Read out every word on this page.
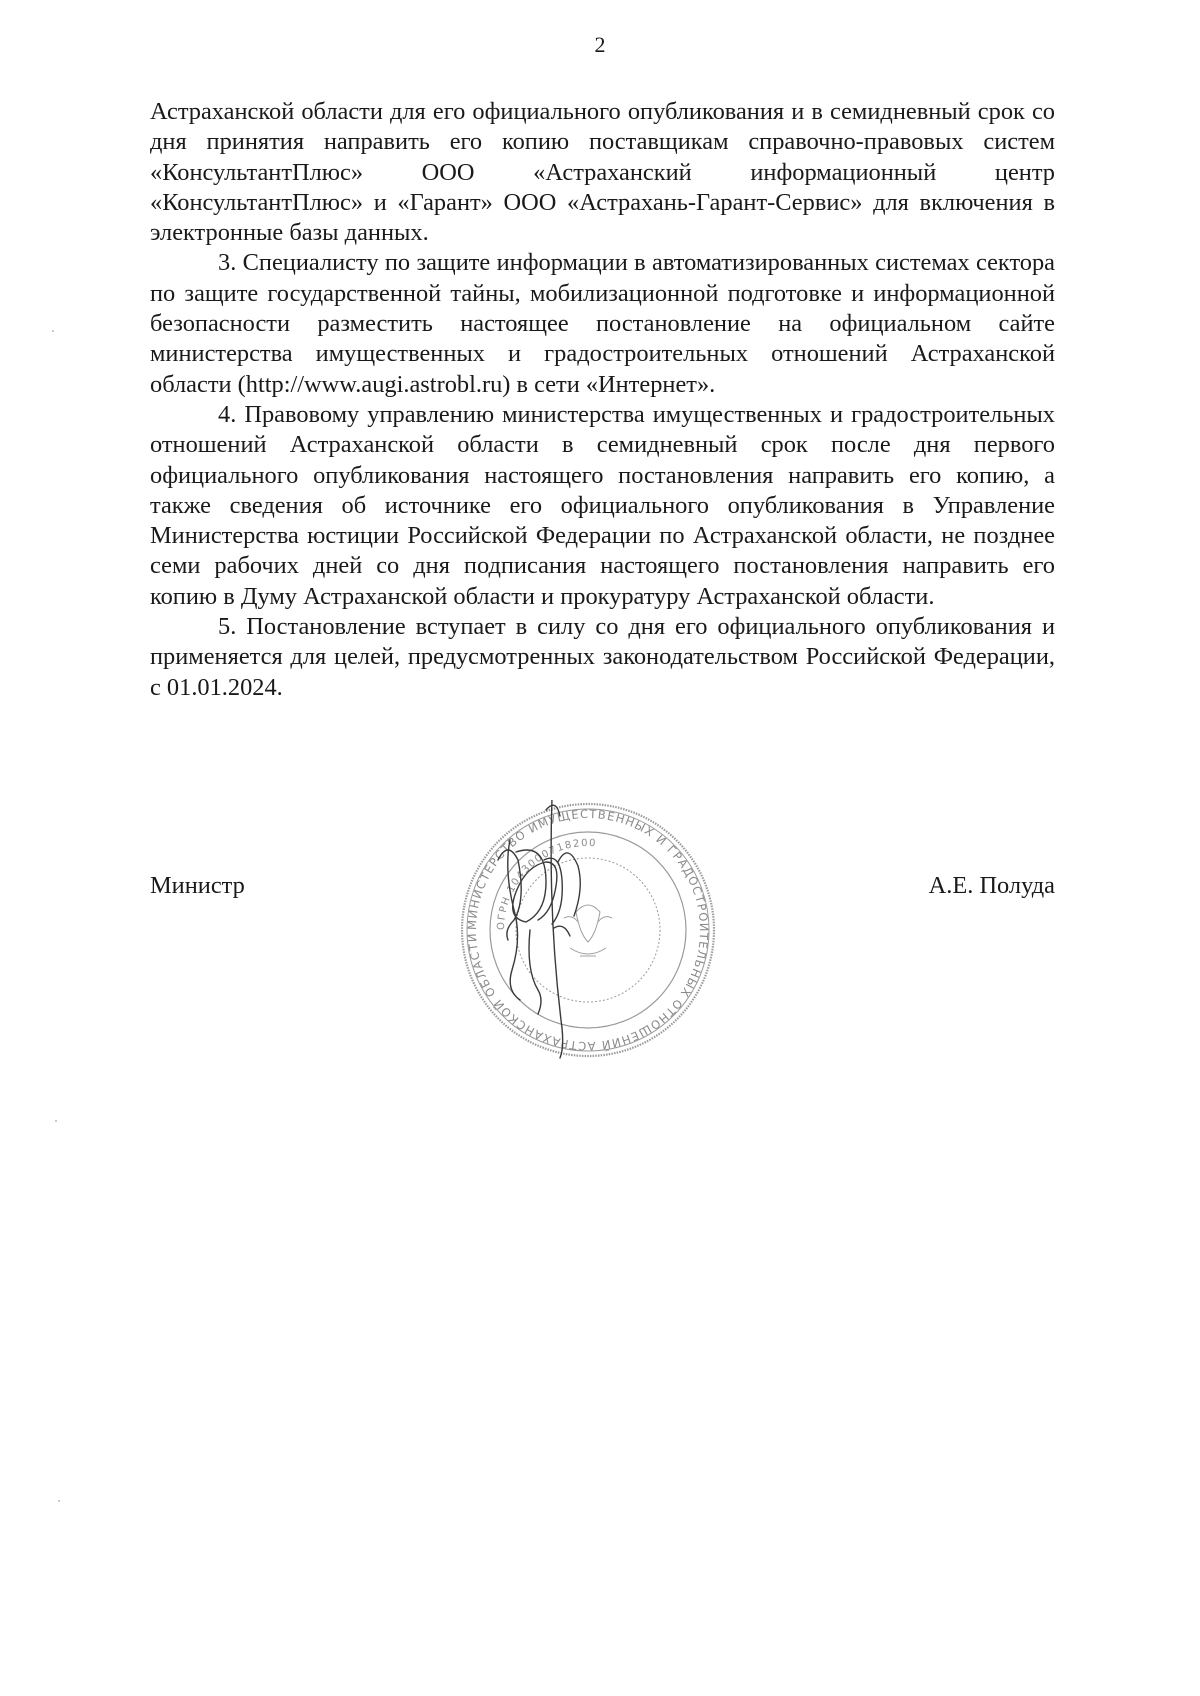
2

Астраханской области для его официального опубликования и в семидневный срок со дня принятия направить его копию поставщикам справочно-правовых систем «КонсультантПлюс» ООО «Астраханский информационный центр «КонсультантПлюс» и «Гарант» ООО «Астрахань-Гарант-Сервис» для включения в электронные базы данных.

3. Специалисту по защите информации в автоматизированных системах сектора по защите государственной тайны, мобилизационной подготовке и информационной безопасности разместить настоящее постановление на официальном сайте министерства имущественных и градостроительных отношений Астраханской области (http://www.augi.astrobl.ru) в сети «Интернет».

4. Правовому управлению министерства имущественных и градостроительных отношений Астраханской области в семидневный срок после дня первого официального опубликования настоящего постановления направить его копию, а также сведения об источнике его официального опубликования в Управление Министерства юстиции Российской Федерации по Астраханской области, не позднее семи рабочих дней со дня подписания настоящего постановления направить его копию в Думу Астраханской области и прокуратуру Астраханской области.

5. Постановление вступает в силу со дня его официального опубликования и применяется для целей, предусмотренных законодательством Российской Федерации, с 01.01.2024.

Министр
МИНИСТЕРСТВО ИМУЩЕСТВЕННЫХ И ГРАДОСТРОИТЕЛЬНЫХ ОТНОШЕНИЙ АСТРАХАНСКОЙ ОБЛАСТИ
ОГРН 1043000718200
А.Е. Полуда
